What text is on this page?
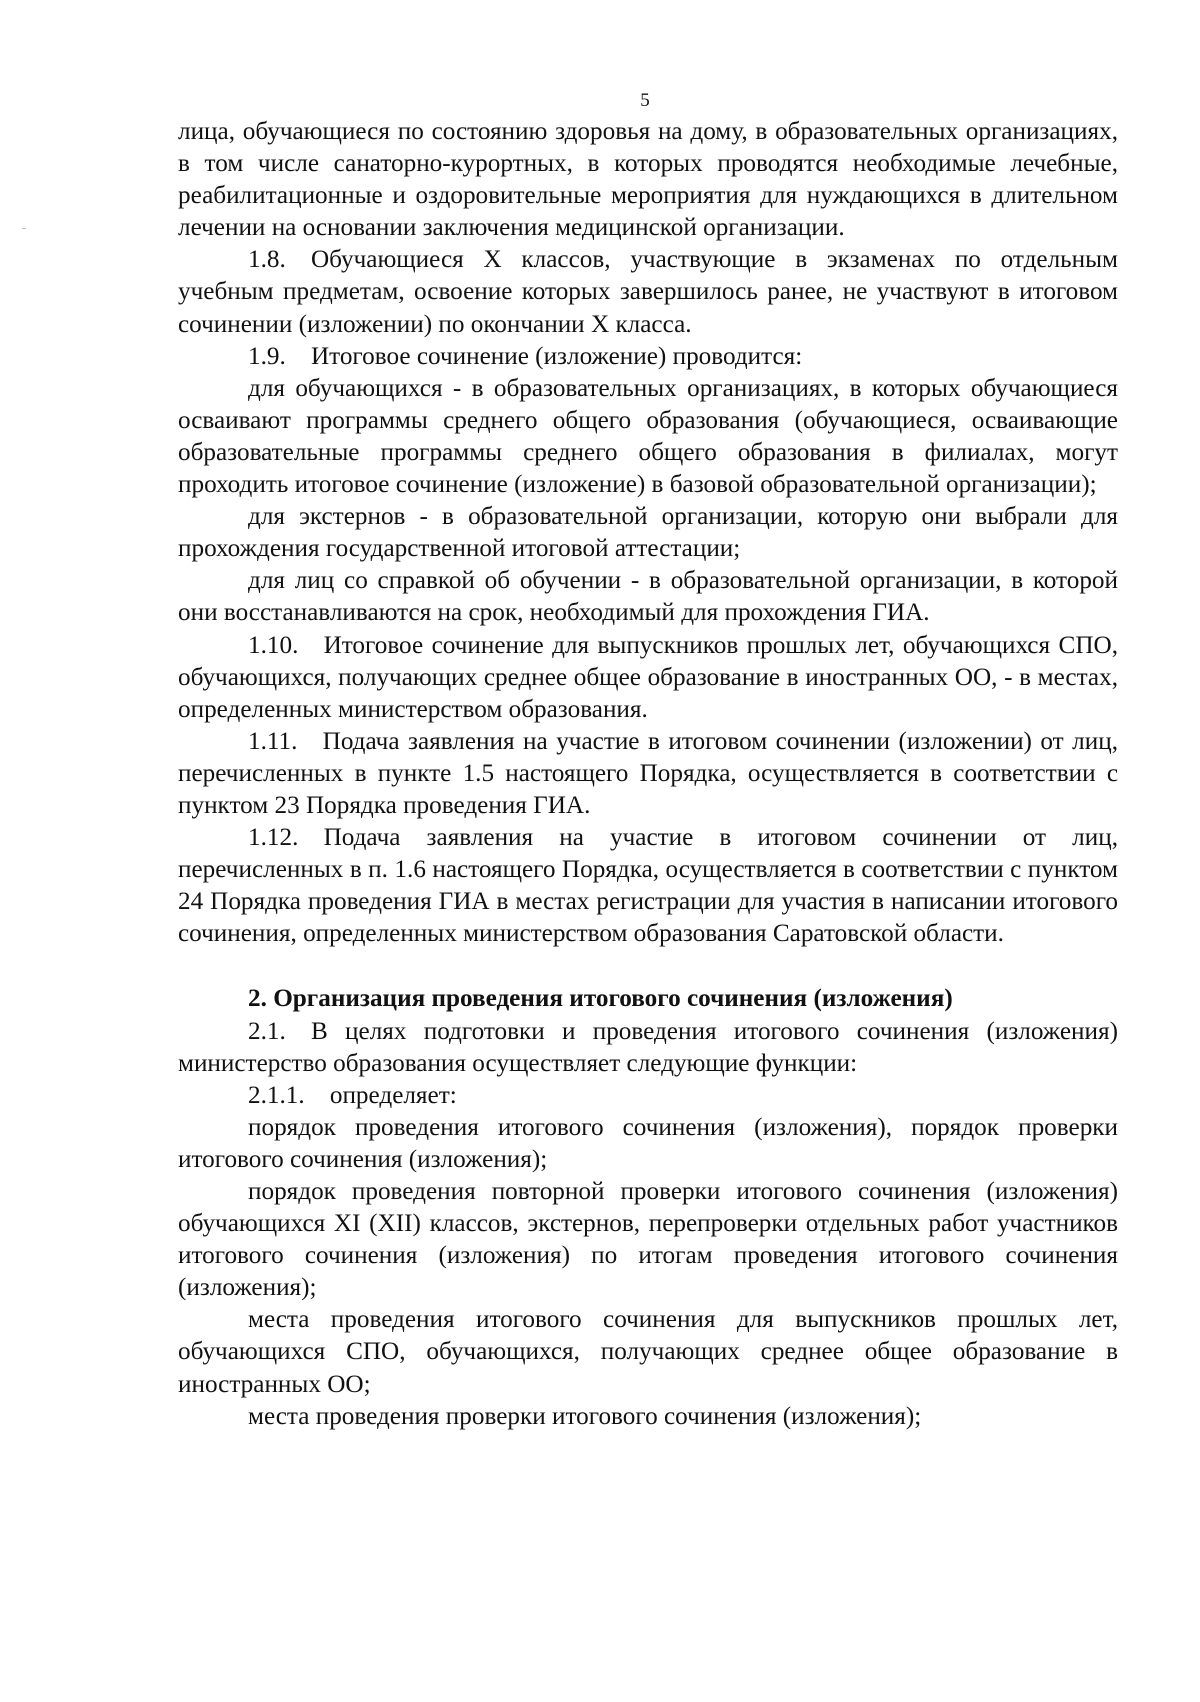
5

лица, обучающиеся по состоянию здоровья на дому, в образовательных организациях, в том числе санаторно-курортных, в которых проводятся необходимые лечебные, реабилитационные и оздоровительные мероприятия для нуждающихся в длительном лечении на основании заключения медицинской организации.

1.8. Обучающиеся X классов, участвующие в экзаменах по отдельным учебным предметам, освоение которых завершилось ранее, не участвуют в итоговом сочинении (изложении) по окончании X класса.

1.9. Итоговое сочинение (изложение) проводится:

для обучающихся - в образовательных организациях, в которых обучающиеся осваивают программы среднего общего образования (обучающиеся, осваивающие образовательные программы среднего общего образования в филиалах, могут проходить итоговое сочинение (изложение) в базовой образовательной организации);

для экстернов - в образовательной организации, которую они выбрали для прохождения государственной итоговой аттестации;

для лиц со справкой об обучении - в образовательной организации, в которой они восстанавливаются на срок, необходимый для прохождения ГИА.

1.10. Итоговое сочинение для выпускников прошлых лет, обучающихся СПО, обучающихся, получающих среднее общее образование в иностранных ОО, - в местах, определенных министерством образования.

1.11. Подача заявления на участие в итоговом сочинении (изложении) от лиц, перечисленных в пункте 1.5 настоящего Порядка, осуществляется в соответствии с пунктом 23 Порядка проведения ГИА.

1.12. Подача заявления на участие в итоговом сочинении от лиц, перечисленных в п. 1.6 настоящего Порядка, осуществляется в соответствии с пунктом 24 Порядка проведения ГИА в местах регистрации для участия в написании итогового сочинения, определенных министерством образования Саратовской области.

2. Организация проведения итогового сочинения (изложения)

2.1. В целях подготовки и проведения итогового сочинения (изложения) министерство образования осуществляет следующие функции:

2.1.1. определяет:

порядок проведения итогового сочинения (изложения), порядок проверки итогового сочинения (изложения);

порядок проведения повторной проверки итогового сочинения (изложения) обучающихся XI (XII) классов, экстернов, перепроверки отдельных работ участников итогового сочинения (изложения) по итогам проведения итогового сочинения (изложения);

места проведения итогового сочинения для выпускников прошлых лет, обучающихся СПО, обучающихся, получающих среднее общее образование в иностранных ОО;

места проведения проверки итогового сочинения (изложения);
